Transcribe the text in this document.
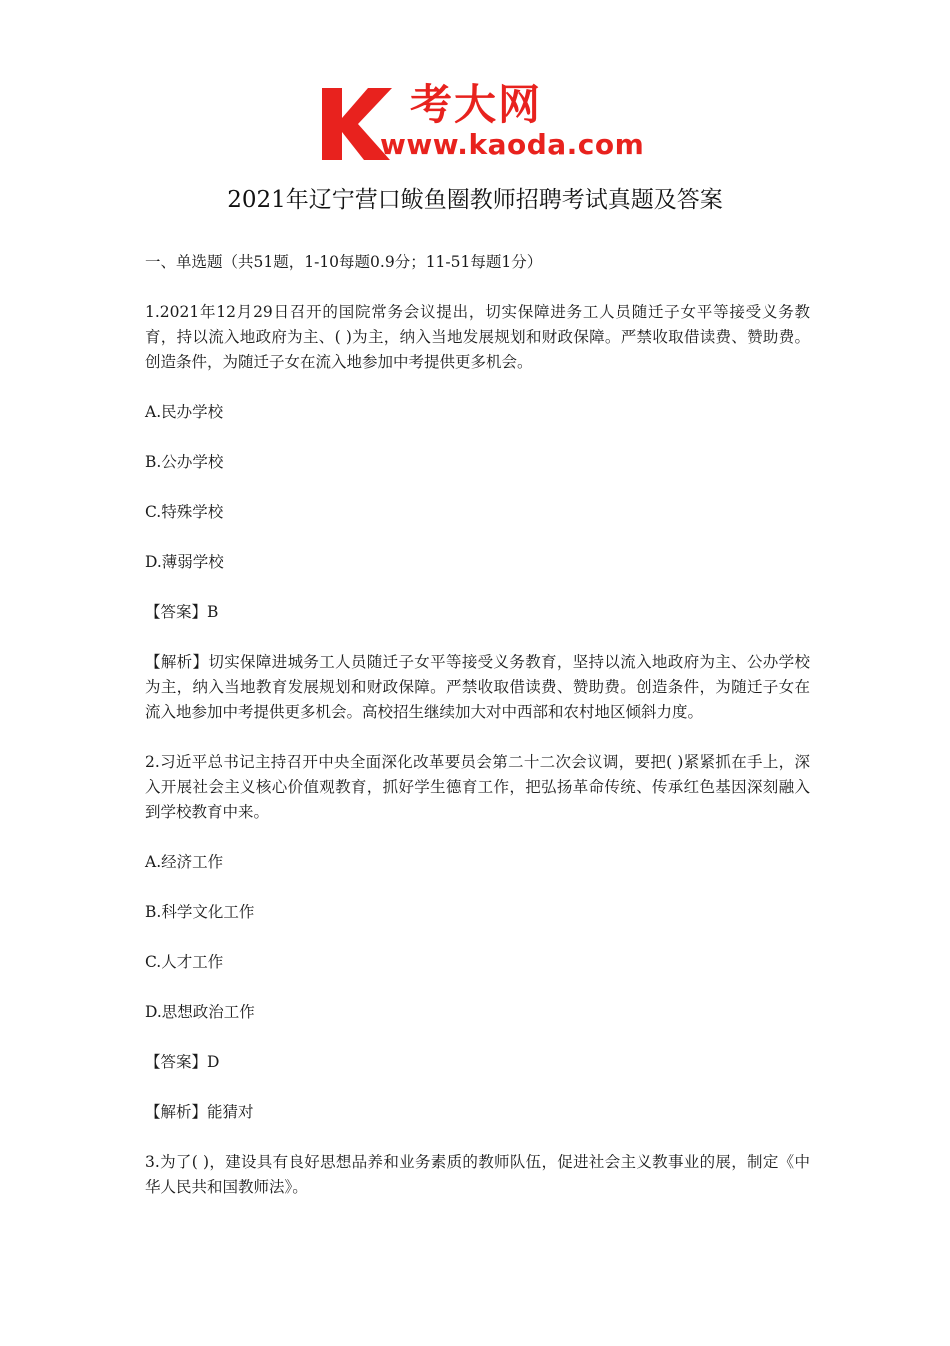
考大网
www.kaoda.com
2021年辽宁营口鲅鱼圈教师招聘考试真题及答案

一、单选题（共51题，1-10每题0.9分；11-51每题1分）

1.2021年12月29日召开的国院常务会议提出，切实保障进务工人员随迁子女平等接受义务教育，持以流入地政府为主、( )为主，纳入当地发展规划和财政保障。严禁收取借读费、赞助费。创造条件，为随迁子女在流入地参加中考提供更多机会。

A.民办学校

B.公办学校

C.特殊学校

D.薄弱学校

【答案】B

【解析】切实保障进城务工人员随迁子女平等接受义务教育，坚持以流入地政府为主、公办学校为主，纳入当地教育发展规划和财政保障。严禁收取借读费、赞助费。创造条件，为随迁子女在流入地参加中考提供更多机会。高校招生继续加大对中西部和农村地区倾斜力度。

2.习近平总书记主持召开中央全面深化改革要员会第二十二次会议调，要把( )紧紧抓在手上，深入开展社会主义核心价值观教育，抓好学生德育工作，把弘扬革命传统、传承红色基因深刻融入到学校教育中来。

A.经济工作

B.科学文化工作

C.人才工作

D.思想政治工作

【答案】D

【解析】能猜对

3.为了( )，建设具有良好思想品养和业务素质的教师队伍，促进社会主义教事业的展，制定《中华人民共和国教师法》。
